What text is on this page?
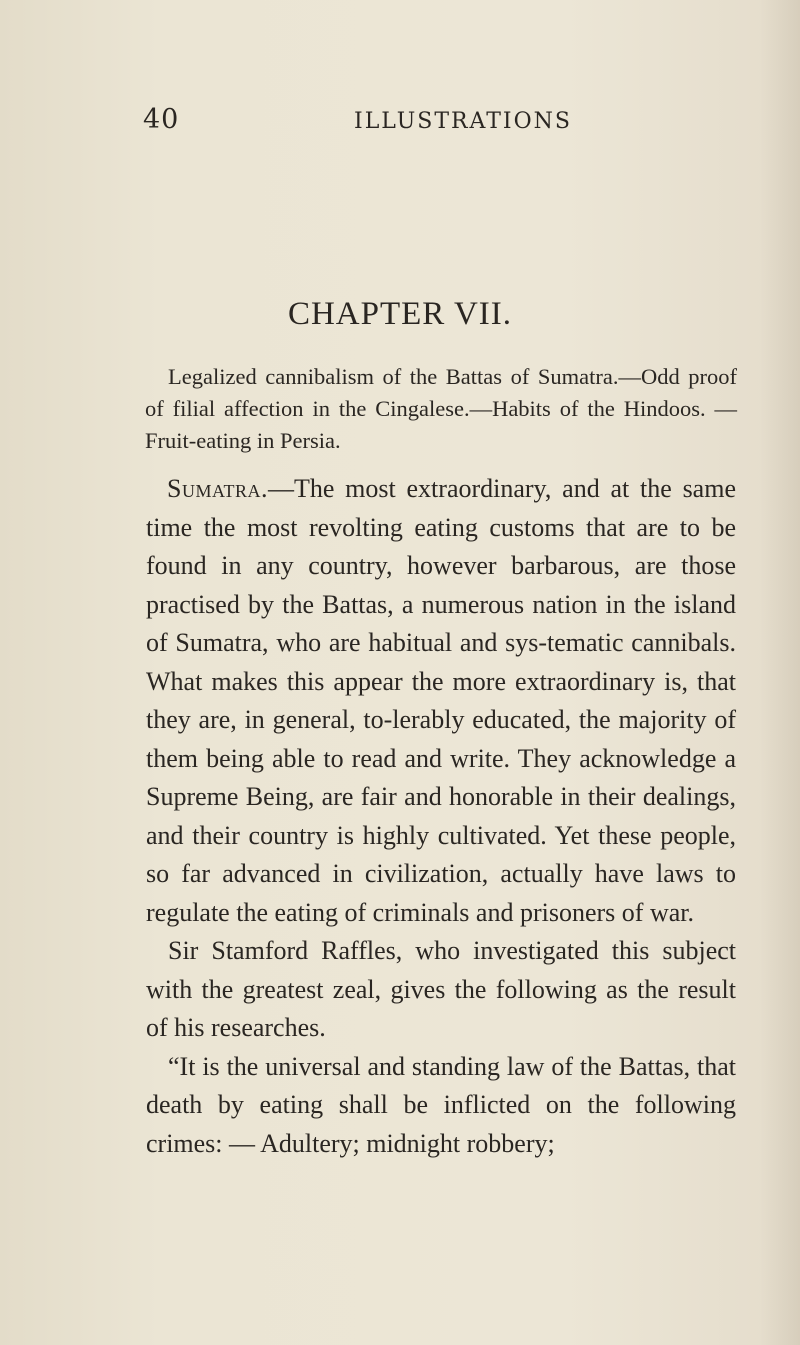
40	ILLUSTRATIONS
CHAPTER VII.
Legalized cannibalism of the Battas of Sumatra.—Odd proof of filial affection in the Cingalese.—Habits of the Hindoos. —Fruit-eating in Persia.

Sumatra.—The most extraordinary, and at the same time the most revolting eating customs that are to be found in any country, however barbarous, are those practised by the Battas, a numerous nation in the island of Sumatra, who are habitual and sys-tematic cannibals. What makes this appear the more extraordinary is, that they are, in general, to-lerably educated, the majority of them being able to read and write. They acknowledge a Supreme Being, are fair and honorable in their dealings, and their country is highly cultivated. Yet these people, so far advanced in civilization, actually have laws to regulate the eating of criminals and prisoners of war.

Sir Stamford Raffles, who investigated this subject with the greatest zeal, gives the following as the result of his researches.

“It is the universal and standing law of the Battas, that death by eating shall be inflicted on the following crimes: — Adultery; midnight robbery;
